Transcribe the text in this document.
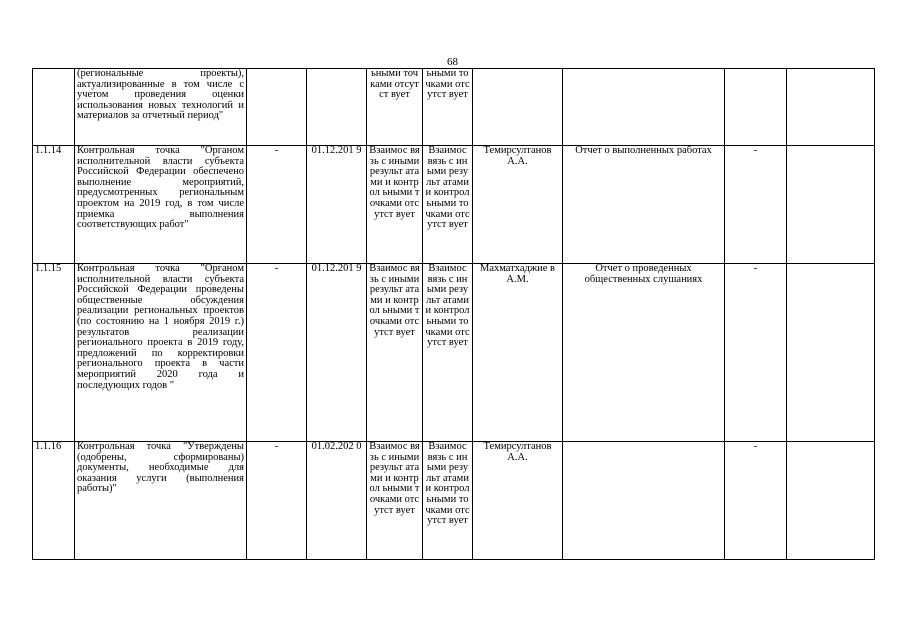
68
	(региональные проекты), актуализированные в том числе с учетом проведения оценки использования новых технологий и материалов за отчетный период"			ьными точками отсутст вует	ьными точками отсутст вует				
1.1.14	Контрольная точка "Органом исполнительной власти субъекта Российской Федерации обеспечено выполнение мероприятий, предусмотренных региональным проектом на 2019 год, в том числе приемка выполнения соответствующих работ"	-	01.12.201 9	Взаимос вязь с иными результ атами и контрол ьными точками отсутст вует	Взаимос вязь с иными результ атами и контрол ьными точками отсутст вует	Темирсултанов А.А.	Отчет о выполненных работах	-	
1.1.15	Контрольная точка "Органом исполнительной власти субъекта Российской Федерации проведены общественные обсуждения реализации региональных проектов (по состоянию на 1 ноября 2019 г.) результатов реализации регионального проекта в 2019 году, предложений по корректировки регионального проекта в части мероприятий 2020 года и последующих годов "	-	01.12.201 9	Взаимос вязь с иными результ атами и контрол ьными точками отсутст вует	Взаимос вязь с иными результ атами и контрол ьными точками отсутст вует	Махматхаджие в А.М.	Отчет о проведенных общественных слушаниях	-	
1.1.16	Контрольная точка "Утверждены (одобрены, сформированы) документы, необходимые для оказания услуги (выполнения работы)"	-	01.02.202 0	Взаимос вязь с иными результ атами и контрол ьными точками отсутст вует	Взаимос вязь с иными результ атами и контрол ьными точками отсутст вует	Темирсултанов А.А.		-	
